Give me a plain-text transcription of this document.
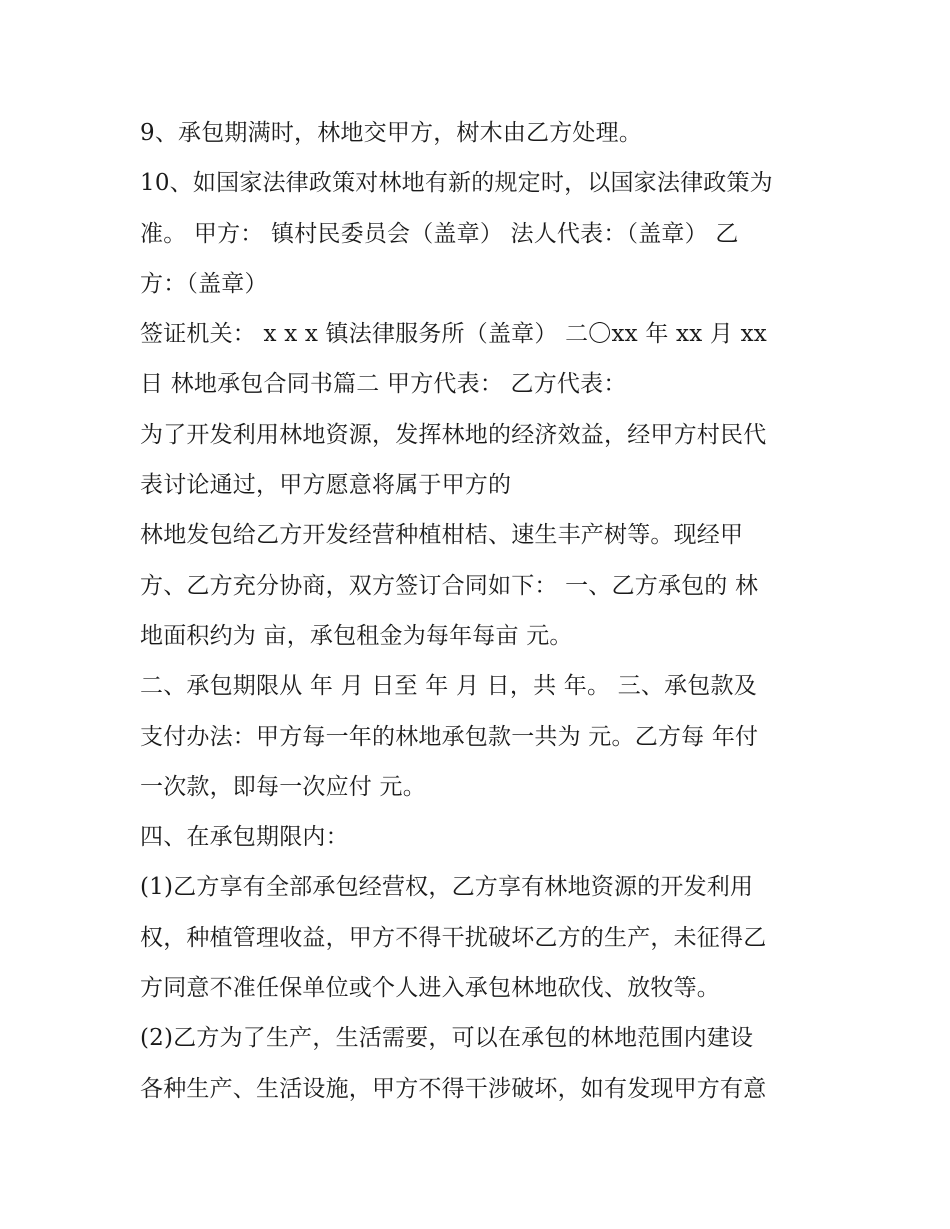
9、承包期满时，林地交甲方，树木由乙方处理。
10、如国家法律政策对林地有新的规定时，以国家法律政策为
准。 甲方： 镇村民委员会（盖章） 法人代表：（盖章） 乙
方：（盖章）
签证机关： x x x 镇法律服务所（盖章） 二〇xx 年 xx 月 xx
日 林地承包合同书篇二 甲方代表： 乙方代表：
为了开发利用林地资源，发挥林地的经济效益，经甲方村民代
表讨论通过，甲方愿意将属于甲方的
林地发包给乙方开发经营种植柑桔、速生丰产树等。现经甲
方、乙方充分协商，双方签订合同如下： 一、乙方承包的 林
地面积约为 亩，承包租金为每年每亩 元。
二、承包期限从 年 月 日至 年 月 日，共 年。 三、承包款及
支付办法：甲方每一年的林地承包款一共为 元。乙方每 年付
一次款，即每一次应付 元。
四、在承包期限内：
(1)乙方享有全部承包经营权，乙方享有林地资源的开发利用
权，种植管理收益，甲方不得干扰破坏乙方的生产，未征得乙
方同意不准任保单位或个人进入承包林地砍伐、放牧等。
(2)乙方为了生产，生活需要，可以在承包的林地范围内建设
各种生产、生活设施，甲方不得干涉破坏，如有发现甲方有意
